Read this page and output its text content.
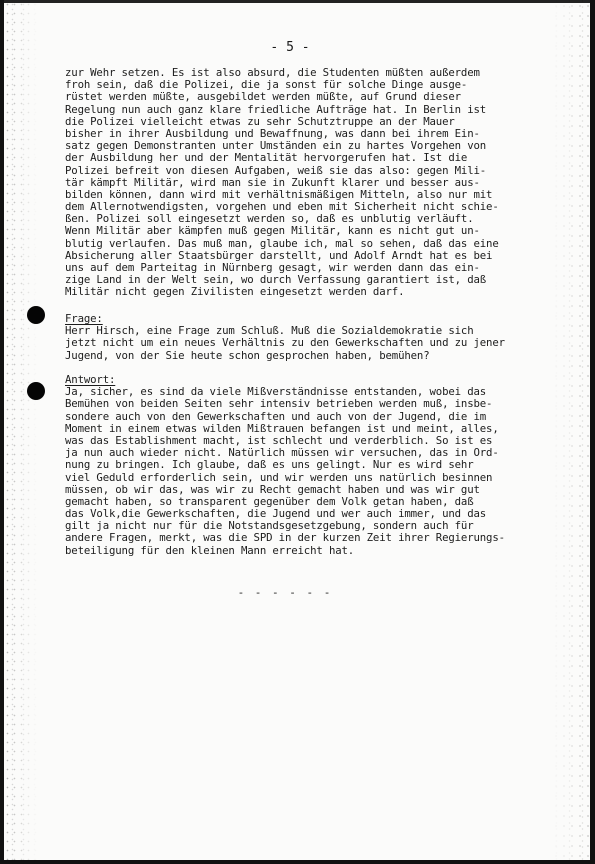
- 5 -
zur Wehr setzen. Es ist also absurd, die Studenten müßten außerdem
froh sein, daß die Polizei, die ja sonst für solche Dinge ausge-
rüstet werden müßte, ausgebildet werden müßte, auf Grund dieser
Regelung nun auch ganz klare friedliche Aufträge hat. In Berlin ist
die Polizei vielleicht etwas zu sehr Schutztruppe an der Mauer
bisher in ihrer Ausbildung und Bewaffnung, was dann bei ihrem Ein-
satz gegen Demonstranten unter Umständen ein zu hartes Vorgehen von
der Ausbildung her und der Mentalität hervorgerufen hat. Ist die
Polizei befreit von diesen Aufgaben, weiß sie das also: gegen Mili-
tär kämpft Militär, wird man sie in Zukunft klarer und besser aus-
bilden können, dann wird mit verhältnismäßigen Mitteln, also nur mit
dem Allernotwendigsten, vorgehen und eben mit Sicherheit nicht schie-
ßen. Polizei soll eingesetzt werden so, daß es unblutig verläuft.
Wenn Militär aber kämpfen muß gegen Militär, kann es nicht gut un-
blutig verlaufen. Das muß man, glaube ich, mal so sehen, daß das eine
Absicherung aller Staatsbürger darstellt, und Adolf Arndt hat es bei
uns auf dem Parteitag in Nürnberg gesagt, wir werden dann das ein-
zige Land in der Welt sein, wo durch Verfassung garantiert ist, daß
Militär nicht gegen Zivilisten eingesetzt werden darf.
Frage:
Herr Hirsch, eine Frage zum Schluß. Muß die Sozialdemokratie sich
jetzt nicht um ein neues Verhältnis zu den Gewerkschaften und zu jener
Jugend, von der Sie heute schon gesprochen haben, bemühen?
Antwort:
Ja, sicher, es sind da viele Mißverständnisse entstanden, wobei das
Bemühen von beiden Seiten sehr intensiv betrieben werden muß, insbe-
sondere auch von den Gewerkschaften und auch von der Jugend, die im
Moment in einem etwas wilden Mißtrauen befangen ist und meint, alles,
was das Establishment macht, ist schlecht und verderblich. So ist es
ja nun auch wieder nicht. Natürlich müssen wir versuchen, das in Ord-
nung zu bringen. Ich glaube, daß es uns gelingt. Nur es wird sehr
viel Geduld erforderlich sein, und wir werden uns natürlich besinnen
müssen, ob wir das, was wir zu Recht gemacht haben und was wir gut
gemacht haben, so transparent gegenüber dem Volk getan haben, daß
das Volk,die Gewerkschaften, die Jugend und wer auch immer, und das
gilt ja nicht nur für die Notstandsgesetzgebung, sondern auch für
andere Fragen, merkt, was die SPD in der kurzen Zeit ihrer Regierungs-
beteiligung für den kleinen Mann erreicht hat.
- - - - - -
